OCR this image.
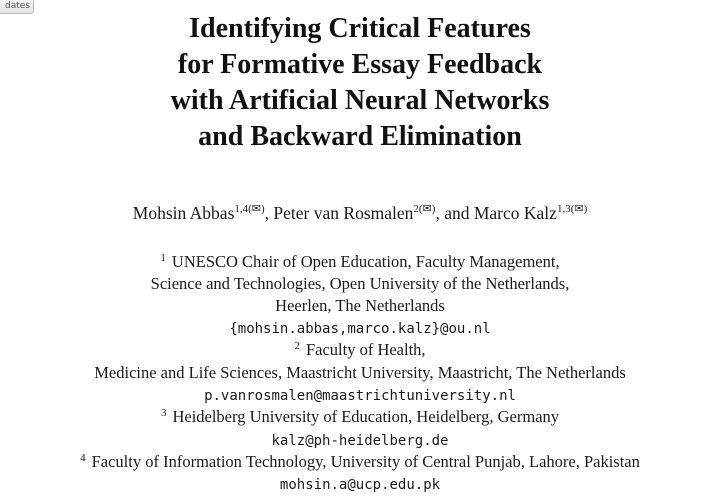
dates
Identifying Critical Features
for Formative Essay Feedback
with Artificial Neural Networks
and Backward Elimination
Mohsin Abbas$^{1,4(✉)}$, Peter van Rosmalen$^{2(✉)}$, and Marco Kalz$^{1,3(✉)}$
$^1$ UNESCO Chair of Open Education, Faculty Management,
Science and Technologies, Open University of the Netherlands,
Heerlen, The Netherlands
{mohsin.abbas,marco.kalz}@ou.nl
$^2$ Faculty of Health,
Medicine and Life Sciences, Maastricht University, Maastricht, The Netherlands
p.vanrosmalen@maastrichtuniversity.nl
$^3$ Heidelberg University of Education, Heidelberg, Germany
kalz@ph-heidelberg.de
$^4$ Faculty of Information Technology, University of Central Punjab, Lahore, Pakistan
mohsin.a@ucp.edu.pk
